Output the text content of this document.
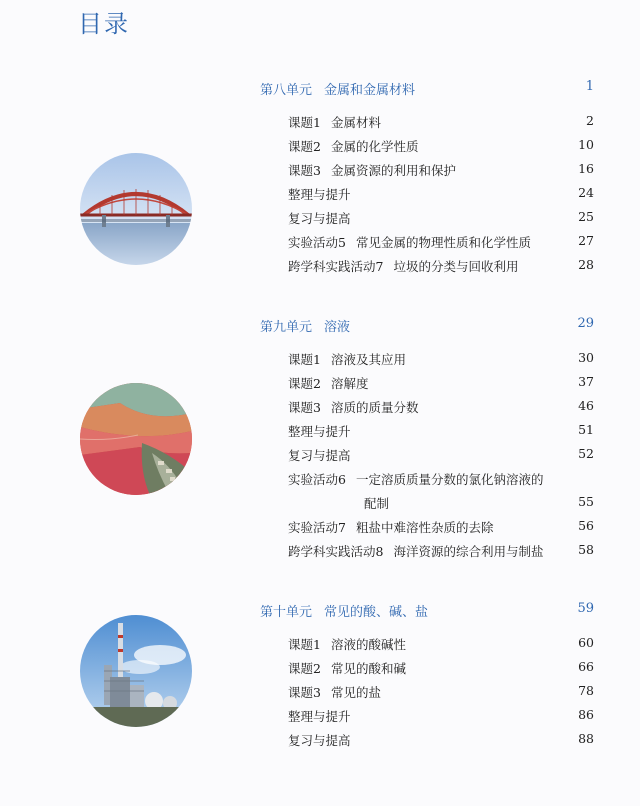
目录
第八单元 金属和金属材料	1
课题1 金属材料	2
课题2 金属的化学性质	10
课题3 金属资源的利用和保护	16
整理与提升	24
复习与提高	25
实验活动5 常见金属的物理性质和化学性质	27
跨学科实践活动7 垃圾的分类与回收利用	28
第九单元 溶液	29
课题1 溶液及其应用	30
课题2 溶解度	37
课题3 溶质的质量分数	46
整理与提升	51
复习与提高	52
实验活动6 一定溶质质量分数的氯化钠溶液的
配制	55
实验活动7 粗盐中难溶性杂质的去除	56
跨学科实践活动8 海洋资源的综合利用与制盐	58
第十单元 常见的酸、碱、盐	59
课题1 溶液的酸碱性	60
课题2 常见的酸和碱	66
课题3 常见的盐	78
整理与提升	86
复习与提高	88
